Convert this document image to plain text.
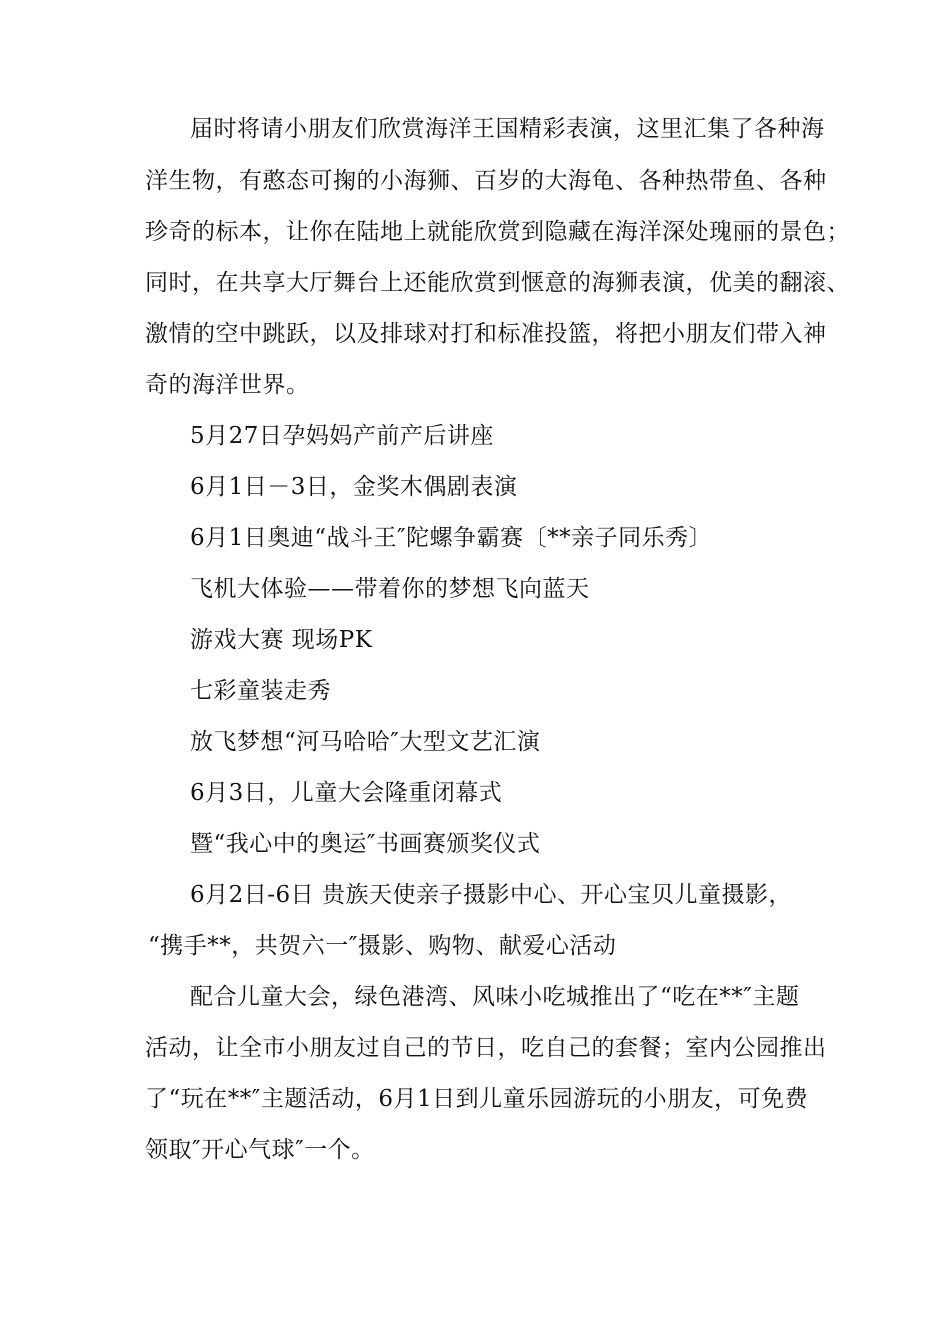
届时将请小朋友们欣赏海洋王国精彩表演，这里汇集了各种海
洋生物，有憨态可掬的小海狮、百岁的大海龟、各种热带鱼、各种
珍奇的标本，让你在陆地上就能欣赏到隐藏在海洋深处瑰丽的景色；
同时，在共享大厅舞台上还能欣赏到惬意的海狮表演，优美的翻滚、
激情的空中跳跃，以及排球对打和标准投篮，将把小朋友们带入神
奇的海洋世界。
5月27日孕妈妈产前产后讲座
6月1日－3日，金奖木偶剧表演
6月1日奥迪“战斗王″陀螺争霸赛〔**亲子同乐秀〕
飞机大体验——带着你的梦想飞向蓝天
游戏大赛 现场PK
七彩童装走秀
放飞梦想“河马哈哈″大型文艺汇演
6月3日，儿童大会隆重闭幕式
暨“我心中的奥运″书画赛颁奖仪式
6月2日-6日 贵族天使亲子摄影中心、开心宝贝儿童摄影，
“携手**，共贺六一″摄影、购物、献爱心活动
配合儿童大会，绿色港湾、风味小吃城推出了“吃在**″主题
活动，让全市小朋友过自己的节日，吃自己的套餐；室内公园推出
了“玩在**″主题活动，6月1日到儿童乐园游玩的小朋友，可免费
领取″开心气球″一个。
